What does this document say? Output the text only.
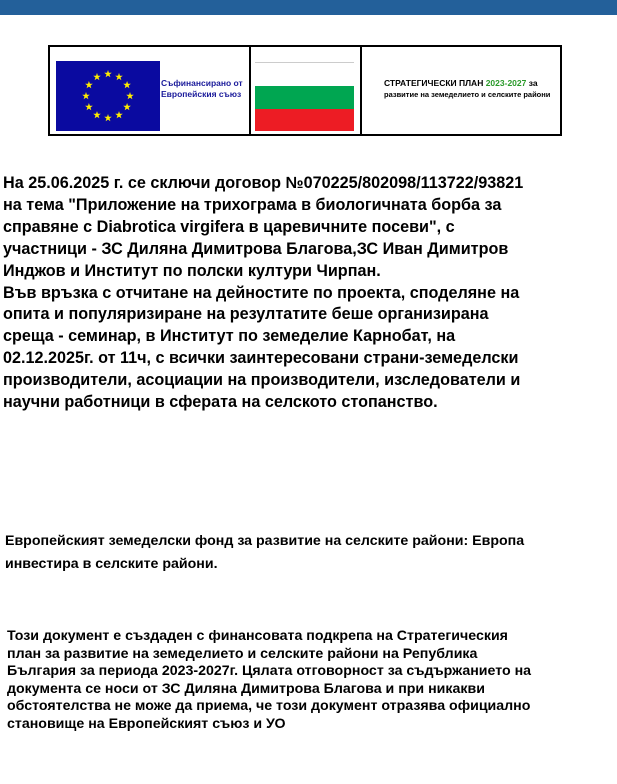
Съфинансирано от
Европейския съюз
СТРАТЕГИЧЕСКИ ПЛАН 2023-2027 за
развитие на земеделието и селските райони
На 25.06.2025 г. се сключи договор №070225/802098/113722/93821
на тема "Приложение на трихограма в биологичната борба за
справяне с Diabrotica virgifera в царевичните посеви", с
участници - ЗС Диляна Димитрова Благова,ЗС Иван Димитров
Инджов и Институт по полски култури Чирпан.
Във връзка с отчитане на дейностите по проекта, споделяне на
опита и популяризиране на резултатите беше организирана
среща - семинар, в Институт по земеделие Карнобат, на
02.12.2025г. от 11ч, с всички заинтересовани страни-земеделски
производители, асоциации на производители, изследователи и
научни работници в сферата на селското стопанство.
Европейският земеделски фонд за развитие на селските райони: Европа
инвестира в селските райони.
Този документ е създаден с финансовата подкрепа на Стратегическия
план за развитие на земеделието и селските райони на Република
България за периода 2023-2027г. Цялата отговорност за съдържанието на
документа се носи от ЗС Диляна Димитрова Благова и при никакви
обстоятелства не може да приема, че този документ отразява официално
становище на Европейският съюз и УО
